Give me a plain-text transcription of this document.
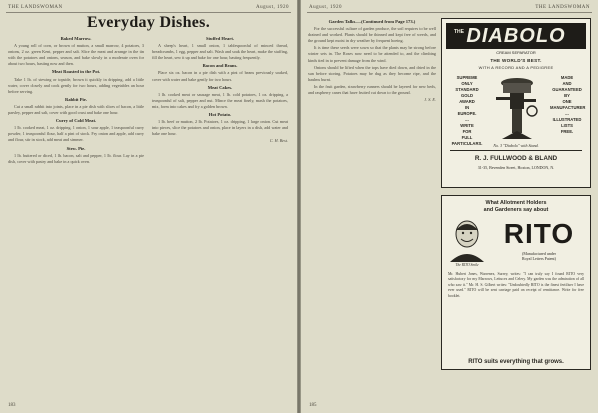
THE LANDSWOMAN	August, 1920
Everyday Dishes.
Baked Marrow.

A young roll of corn, or brown of mutton, a small marrow, 4 potatoes, 3 onions, 2 oz. green Kent, pepper and salt. Slice the meat and arrange in the tin with the potatoes and onions, season, and bake slowly in a moderate oven for about two hours, basting now and then.

Meat Roasted in the Pot.

Take 1 lb. of stewing or topside, brown it quickly in dripping, add a little water, cover closely and cook gently for two hours, adding vegetables an hour before serving.

Rabbit Pie.

Cut a small rabbit into joints, place in a pie dish with slices of bacon, a little parsley, pepper and salt, cover with good crust and bake one hour.

Curry of Cold Meat.

1 lb. cooked meat, 1 oz. dripping, 1 onion, 1 sour apple, 1 teaspoonful curry powder, 1 teaspoonful flour, half a pint of stock. Fry onion and apple, add curry and flour, stir in stock, add meat and simmer.

Stew. Pie.

1 lb. buttered or diced, 1 lb. bacon, salt and pepper, 1 lb. flour. Lay in a pie dish, cover with pastry and bake in a quick oven.

Stuffed Heart.

A sheep's heart, 1 small onion, 1 tablespoonful of minced thread, breadcrumbs, 1 egg, pepper and salt. Wash and soak the heart, make the stuffing, fill the heart, sew it up and bake for one hour, basting frequently.

Bacon and Beans.

Place six oz. bacon in a pie dish with a pint of beans previously soaked, cover with water and bake gently for two hours.

Meat Cakes.

1 lb. cooked meat or sausage meat, 1 lb. cold potatoes, 1 oz. dripping, a teaspoonful of salt, pepper and nut. Mince the meat finely, mash the potatoes, mix, form into cakes and fry a golden brown.

Hot Potato.

1 lb. beef or mutton, 2 lb. Potatoes, 1 oz. dripping, 1 large onion. Cut meat into pieces, slice the potatoes and onion, place in layers in a dish, add water and bake one hour.

C. H. Best.

183
August, 1920	THE LANDSWOMAN
Garden Talks.—(Continued from Page 173.)

For the successful culture of garden produce, the soil requires to be well drained and worked. Plants should be thinned and kept free of weeds, and the ground kept moist in dry weather by frequent hoeing.

It is time these seeds were sown so that the plants may be strong before winter sets in. The Roses now need to be attended to, and the climbing kinds tied in to prevent damage from the wind.

Onions should be lifted when the tops have died down, and dried in the sun before storing. Potatoes may be dug as they become ripe, and the haulms burnt.

In the fruit garden, strawberry runners should be layered for new beds, and raspberry canes that have fruited cut down to the ground.

J. S. E.

THE DIABOLO
CREAM SEPARATOR
THE WORLD'S BEST.
WITH A RECORD AND A PEDIGREE
SUPREME
ONLY
STANDARD
GOLD
AWARD
IN
EUROPE.
...
WRITE
FOR
FULL
PARTICULARS.
MADE
AND
GUARANTEED
BY
ONE
MANUFACTURER
...
ILLUSTRATED
LISTS
FREE.
No. 3 "Diabolo" with Stand.
R. J. FULLWOOD & BLAND
31-35, Bevenden Street, Hoxton, LONDON, N.
What Allotment Holders
and Gardeners say about
The RITO Smile
RITO
(Manufactured under
Royal Letters Patent)
Mr. Hubert Jones, Warrenex, Surrey, writes: "I can truly say I found RITO very satisfactory for my Marrows, Lettuces and Celery. My garden was the admiration of all who saw it." Mr. H. S. Gilbert writes: "Undoubtedly RITO is the finest fertiliser I have ever used." RITO will be sent carriage paid on receipt of remittance. Write for free booklet.
RITO suits everything that grows.
185
